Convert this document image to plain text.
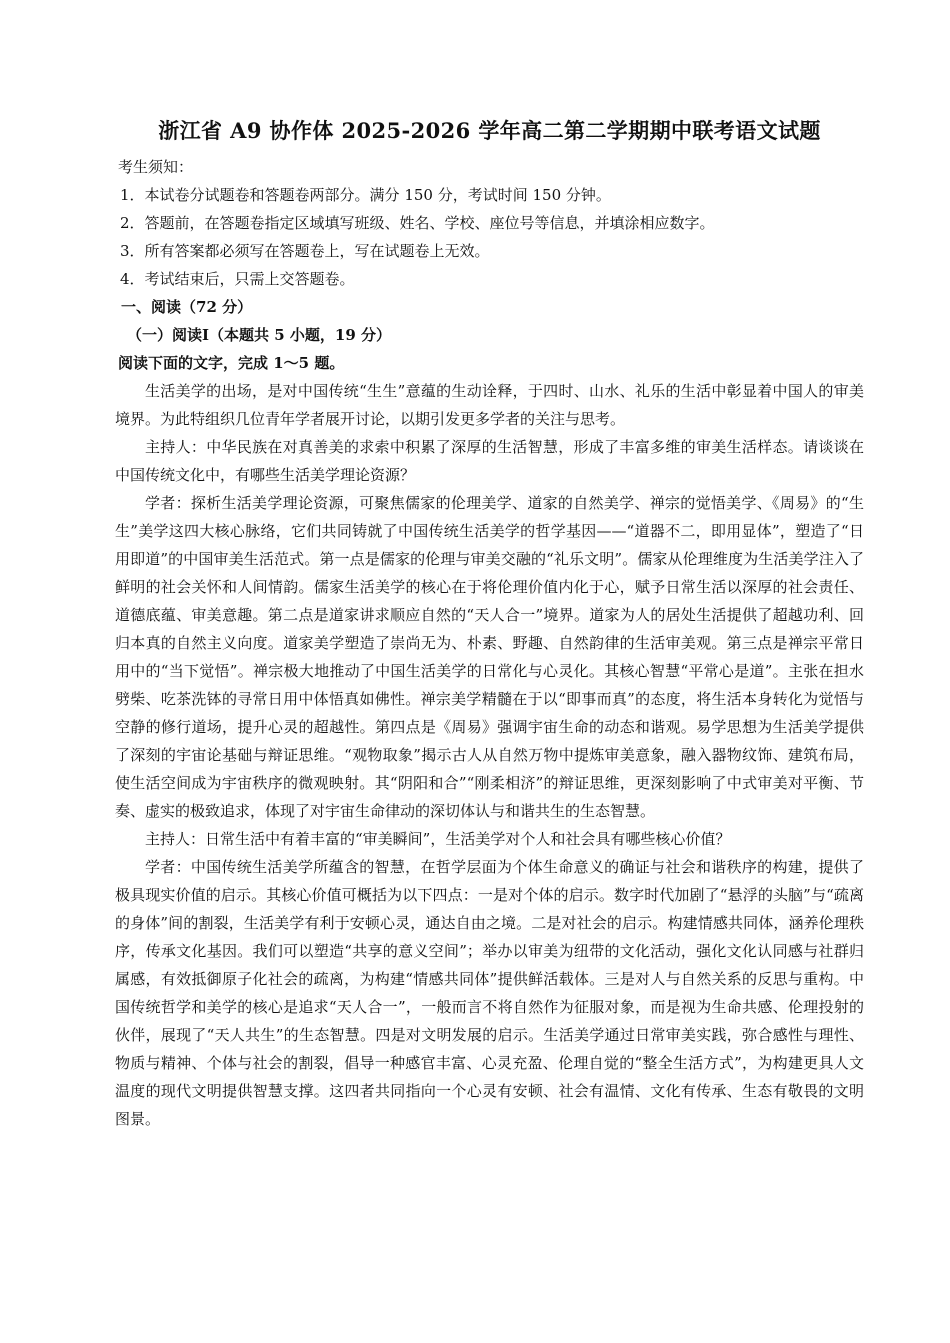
浙江省 A9 协作体 2025-2026 学年高二第二学期期中联考语文试题

考生须知：

1．本试卷分试题卷和答题卷两部分。满分 150 分，考试时间 150 分钟。

2．答题前，在答题卷指定区域填写班级、姓名、学校、座位号等信息，并填涂相应数字。

3．所有答案都必须写在答题卷上，写在试题卷上无效。

4．考试结束后，只需上交答题卷。

一、阅读（72 分）

（一）阅读Ⅰ（本题共 5 小题，19 分）

阅读下面的文字，完成 1～5 题。

生活美学的出场，是对中国传统“生生”意蕴的生动诠释，于四时、山水、礼乐的生活中彰显着中国人的审美境界。为此特组织几位青年学者展开讨论，以期引发更多学者的关注与思考。

主持人：中华民族在对真善美的求索中积累了深厚的生活智慧，形成了丰富多维的审美生活样态。请谈谈在中国传统文化中，有哪些生活美学理论资源？

学者：探析生活美学理论资源，可聚焦儒家的伦理美学、道家的自然美学、禅宗的觉悟美学、《周易》的“生生”美学这四大核心脉络，它们共同铸就了中国传统生活美学的哲学基因——“道器不二，即用显体”，塑造了“日用即道”的中国审美生活范式。第一点是儒家的伦理与审美交融的“礼乐文明”。儒家从伦理维度为生活美学注入了鲜明的社会关怀和人间情韵。儒家生活美学的核心在于将伦理价值内化于心，赋予日常生活以深厚的社会责任、道德底蕴、审美意趣。第二点是道家讲求顺应自然的“天人合一”境界。道家为人的居处生活提供了超越功利、回归本真的自然主义向度。道家美学塑造了崇尚无为、朴素、野趣、自然韵律的生活审美观。第三点是禅宗平常日用中的“当下觉悟”。禅宗极大地推动了中国生活美学的日常化与心灵化。其核心智慧“平常心是道”。主张在担水劈柴、吃茶洗钵的寻常日用中体悟真如佛性。禅宗美学精髓在于以“即事而真”的态度，将生活本身转化为觉悟与空静的修行道场，提升心灵的超越性。第四点是《周易》强调宇宙生命的动态和谐观。易学思想为生活美学提供了深刻的宇宙论基础与辩证思维。“观物取象”揭示古人从自然万物中提炼审美意象，融入器物纹饰、建筑布局，使生活空间成为宇宙秩序的微观映射。其“阴阳和合”“刚柔相济”的辩证思维，更深刻影响了中式审美对平衡、节奏、虚实的极致追求，体现了对宇宙生命律动的深切体认与和谐共生的生态智慧。

主持人：日常生活中有着丰富的“审美瞬间”，生活美学对个人和社会具有哪些核心价值？

学者：中国传统生活美学所蕴含的智慧，在哲学层面为个体生命意义的确证与社会和谐秩序的构建，提供了极具现实价值的启示。其核心价值可概括为以下四点：一是对个体的启示。数字时代加剧了“悬浮的头脑”与“疏离的身体”间的割裂，生活美学有利于安顿心灵，通达自由之境。二是对社会的启示。构建情感共同体，涵养伦理秩序，传承文化基因。我们可以塑造“共享的意义空间”；举办以审美为纽带的文化活动，强化文化认同感与社群归属感，有效抵御原子化社会的疏离，为构建“情感共同体”提供鲜活载体。三是对人与自然关系的反思与重构。中国传统哲学和美学的核心是追求“天人合一”，一般而言不将自然作为征服对象，而是视为生命共感、伦理投射的伙伴，展现了“天人共生”的生态智慧。四是对文明发展的启示。生活美学通过日常审美实践，弥合感性与理性、物质与精神、个体与社会的割裂，倡导一种感官丰富、心灵充盈、伦理自觉的“整全生活方式”，为构建更具人文温度的现代文明提供智慧支撑。这四者共同指向一个心灵有安顿、社会有温情、文化有传承、生态有敬畏的文明图景。
